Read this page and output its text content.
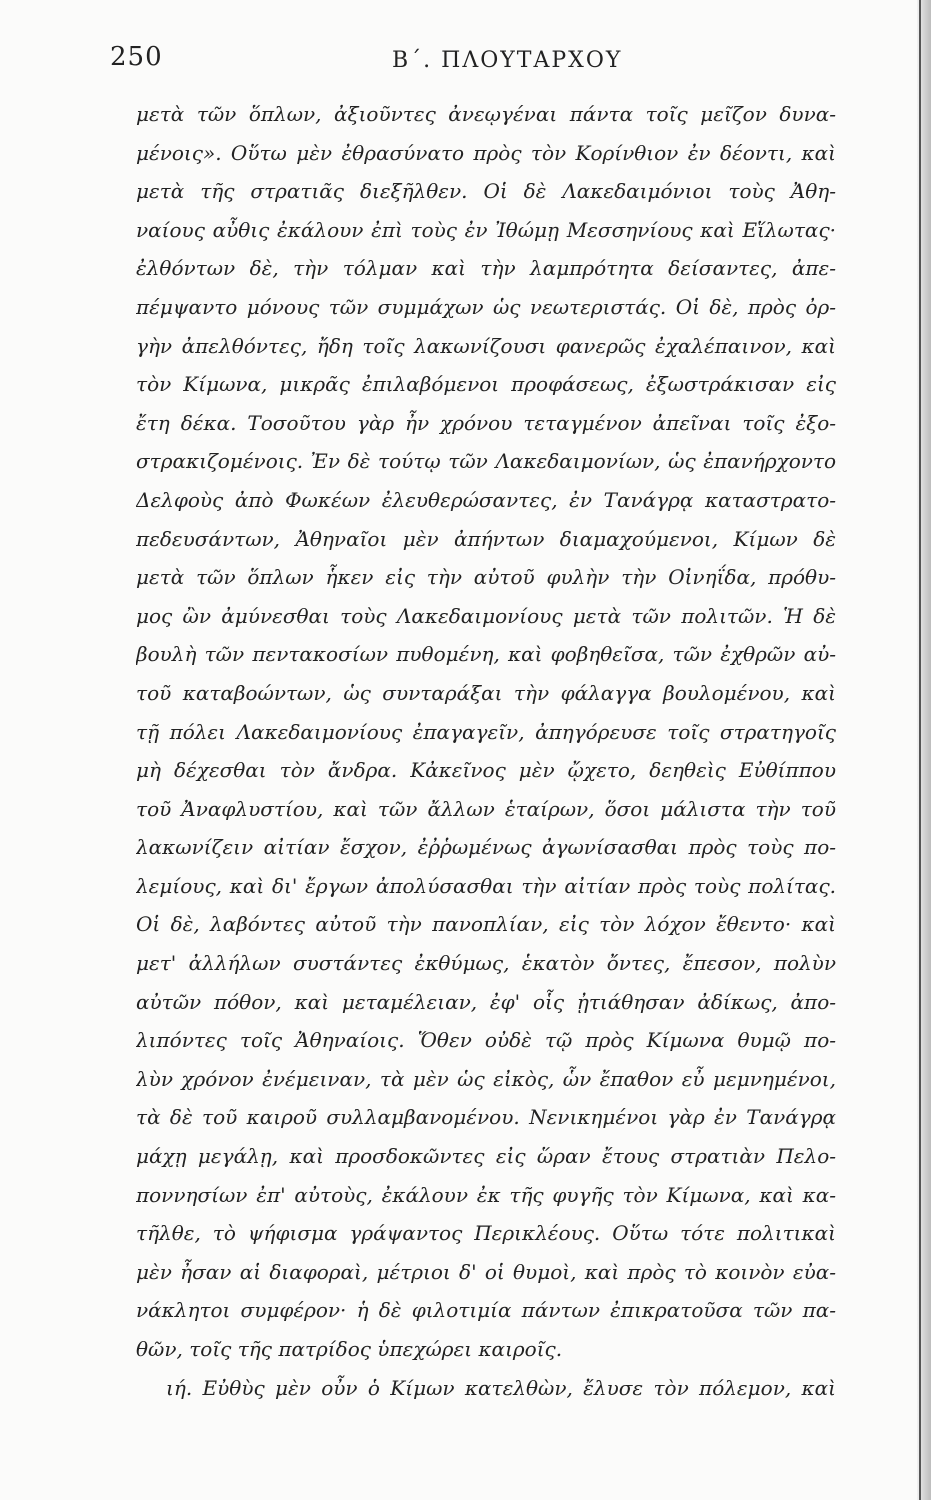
250	Β΄. ΠΛΟΥΤΑΡΧΟΥ
μετὰ τῶν ὅπλων, ἀξιοῦντες ἀνεῳγέναι πάντα τοῖς μεῖζον δυνα-
μένοις». Οὕτω μὲν ἐθρασύνατο πρὸς τὸν Κορίνθιον ἐν δέοντι, καὶ
μετὰ τῆς στρατιᾶς διεξῆλθεν. Οἱ δὲ Λακεδαιμόνιοι τοὺς Ἀθη-
ναίους αὖθις ἐκάλουν ἐπὶ τοὺς ἐν Ἰθώμῃ Μεσσηνίους καὶ Εἵλωτας·
ἐλθόντων δὲ, τὴν τόλμαν καὶ τὴν λαμπρότητα δείσαντες, ἀπε-
πέμψαντο μόνους τῶν συμμάχων ὡς νεωτεριστάς. Οἱ δὲ, πρὸς ὀρ-
γὴν ἀπελθόντες, ἤδη τοῖς λακωνίζουσι φανερῶς ἐχαλέπαινον, καὶ
τὸν Κίμωνα, μικρᾶς ἐπιλαβόμενοι προφάσεως, ἐξωστράκισαν εἰς
ἔτη δέκα. Τοσοῦτου γὰρ ἦν χρόνου τεταγμένον ἀπεῖναι τοῖς ἐξο-
στρακιζομένοις. Ἐν δὲ τούτῳ τῶν Λακεδαιμονίων, ὡς ἐπανήρχοντο
Δελφοὺς ἀπὸ Φωκέων ἐλευθερώσαντες, ἐν Τανάγρᾳ καταστρατο-
πεδευσάντων, Ἀθηναῖοι μὲν ἀπήντων διαμαχούμενοι, Κίμων δὲ
μετὰ τῶν ὅπλων ἧκεν εἰς τὴν αὐτοῦ φυλὴν τὴν Οἰνηΐδα, πρόθυ-
μος ὢν ἀμύνεσθαι τοὺς Λακεδαιμονίους μετὰ τῶν πολιτῶν. Ἡ δὲ
βουλὴ τῶν πεντακοσίων πυθομένη, καὶ φοβηθεῖσα, τῶν ἐχθρῶν αὐ-
τοῦ καταβοώντων, ὡς συνταράξαι τὴν φάλαγγα βουλομένου, καὶ
τῇ πόλει Λακεδαιμονίους ἐπαγαγεῖν, ἀπηγόρευσε τοῖς στρατηγοῖς
μὴ δέχεσθαι τὸν ἄνδρα. Κἀκεῖνος μὲν ᾤχετο, δεηθεὶς Εὐθίππου
τοῦ Ἀναφλυστίου, καὶ τῶν ἄλλων ἑταίρων, ὅσοι μάλιστα τὴν τοῦ
λακωνίζειν αἰτίαν ἔσχον, ἐῤῥωμένως ἀγωνίσασθαι πρὸς τοὺς πο-
λεμίους, καὶ δι' ἔργων ἀπολύσασθαι τὴν αἰτίαν πρὸς τοὺς πολίτας.
Οἱ δὲ, λαβόντες αὐτοῦ τὴν πανοπλίαν, εἰς τὸν λόχον ἔθεντο· καὶ
μετ' ἀλλήλων συστάντες ἐκθύμως, ἑκατὸν ὄντες, ἔπεσον, πολὺν
αὐτῶν πόθον, καὶ μεταμέλειαν, ἐφ' οἷς ᾐτιάθησαν ἀδίκως, ἀπο-
λιπόντες τοῖς Ἀθηναίοις. Ὅθεν οὐδὲ τῷ πρὸς Κίμωνα θυμῷ πο-
λὺν χρόνον ἐνέμειναν, τὰ μὲν ὡς εἰκὸς, ὧν ἔπαθον εὖ μεμνημένοι,
τὰ δὲ τοῦ καιροῦ συλλαμβανομένου. Νενικημένοι γὰρ ἐν Τανάγρᾳ
μάχῃ μεγάλῃ, καὶ προσδοκῶντες εἰς ὥραν ἔτους στρατιὰν Πελο-
ποννησίων ἐπ' αὐτοὺς, ἐκάλουν ἐκ τῆς φυγῆς τὸν Κίμωνα, καὶ κα-
τῆλθε, τὸ ψήφισμα γράψαντος Περικλέους. Οὕτω τότε πολιτικαὶ
μὲν ἦσαν αἱ διαφοραὶ, μέτριοι δ' οἱ θυμοὶ, καὶ πρὸς τὸ κοινὸν εὐα-
νάκλητοι συμφέρον· ἡ δὲ φιλοτιμία πάντων ἐπικρατοῦσα τῶν πα-
θῶν, τοῖς τῆς πατρίδος ὑπεχώρει καιροῖς.
ιή. Εὐθὺς μὲν οὖν ὁ Κίμων κατελθὼν, ἔλυσε τὸν πόλεμον, καὶ
